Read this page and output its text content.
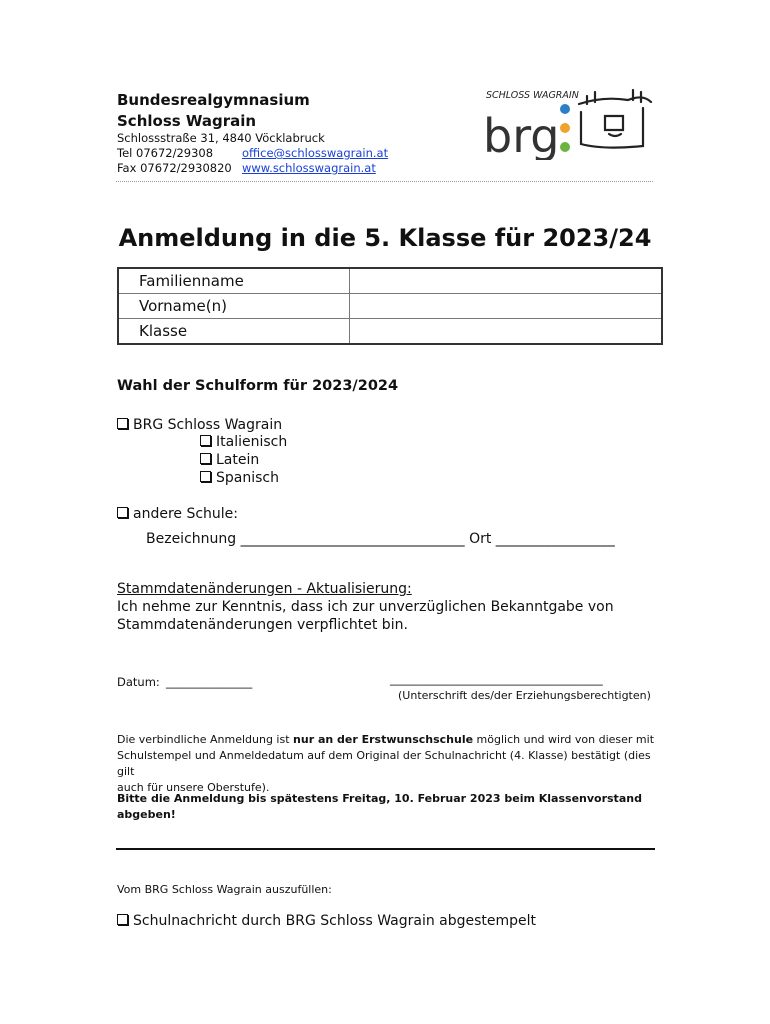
Bundesrealgymnasium
Schloss Wagrain
Schlossstraße 31, 4840 Vöcklabruck
Tel 07672/29308	office@schlosswagrain.at
Fax 07672/2930820 www.schlosswagrain.at
SCHLOSS WAGRAIN
brg
Anmeldung in die 5. Klasse für 2023/24
Familienname	
Vorname(n)	
Klasse	
Wahl der Schulform für 2023/2024
BRG Schloss Wagrain
Italienisch
Latein
Spanisch
andere Schule:
Bezeichnung ________________________________ Ort _________________
Stammdatenänderungen - Aktualisierung:
Ich nehme zur Kenntnis, dass ich zur unverzüglichen Bekanntgabe von
Stammdatenänderungen verpflichtet bin.
Datum: _______________	_____________________________________
(Unterschrift des/der Erziehungsberechtigten)
Die verbindliche Anmeldung ist nur an der Erstwunschschule möglich und wird von dieser mit
Schulstempel und Anmeldedatum auf dem Original der Schulnachricht (4. Klasse) bestätigt (dies gilt
auch für unsere Oberstufe).
Bitte die Anmeldung bis spätestens Freitag, 10. Februar 2023 beim Klassenvorstand
abgeben!
Vom BRG Schloss Wagrain auszufüllen:
Schulnachricht durch BRG Schloss Wagrain abgestempelt
